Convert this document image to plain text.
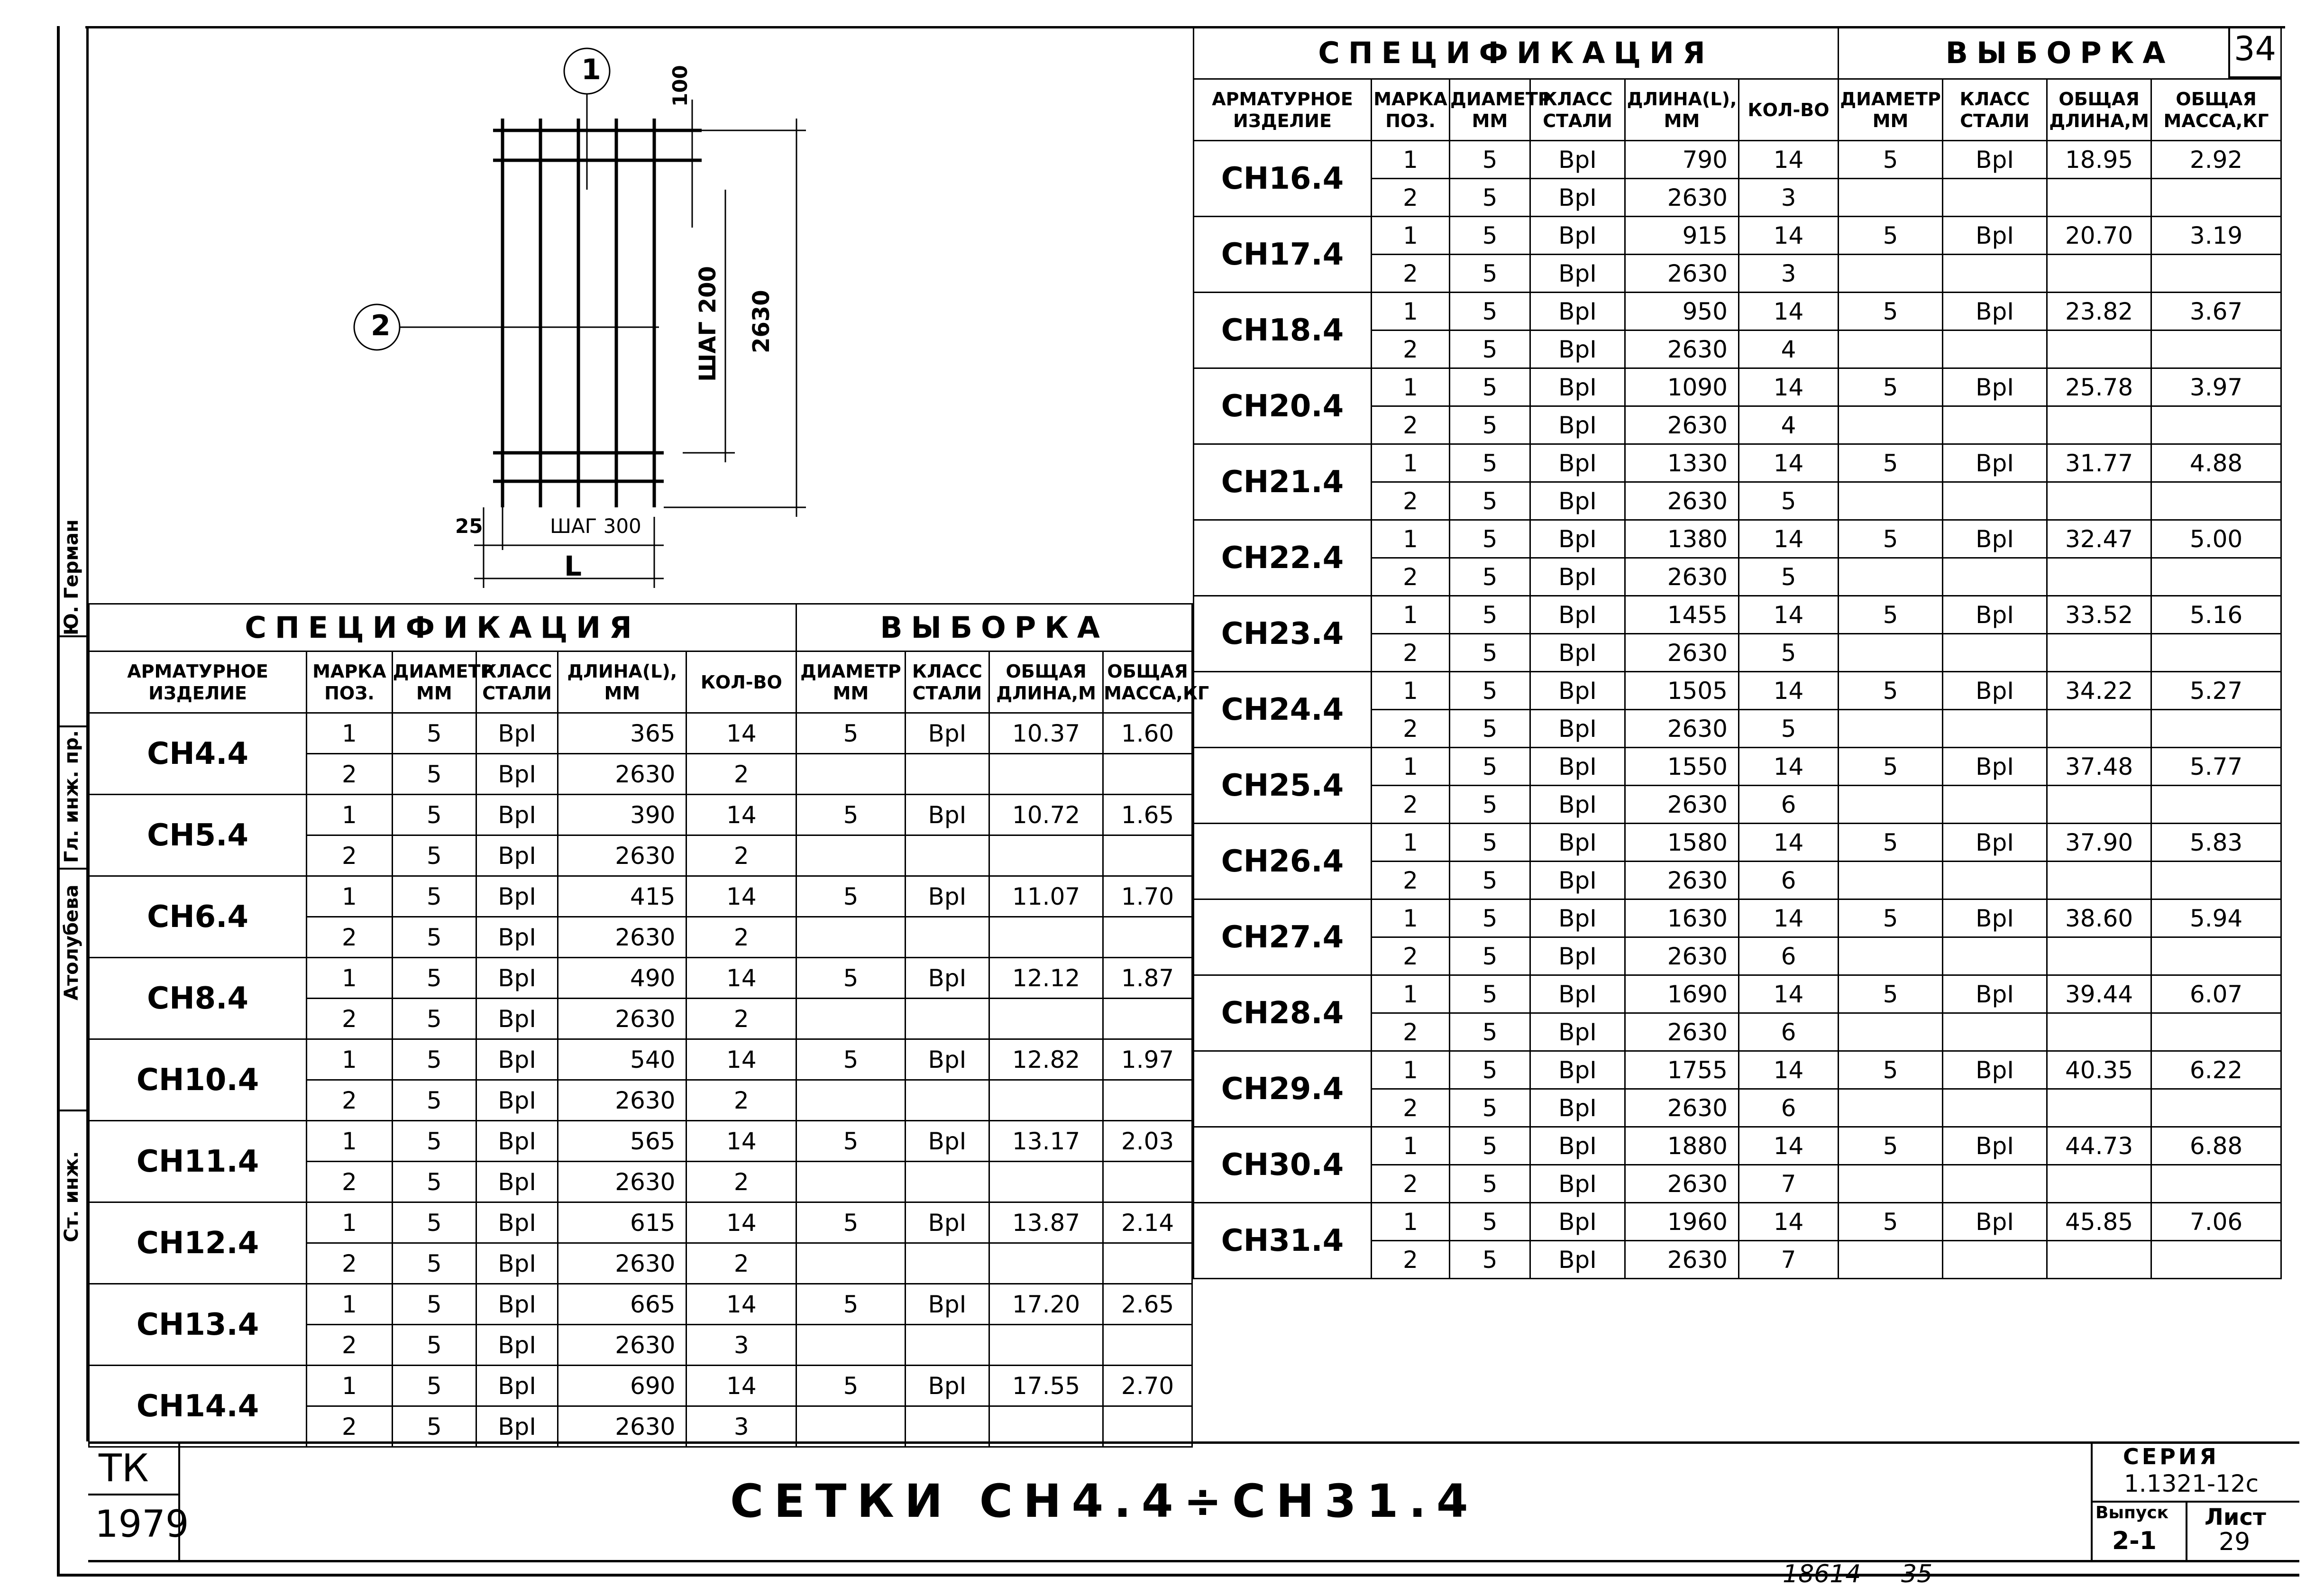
34
Ст. инж.
Гл. инж. пр.
Атолубева
Ю. Герман
1
2
100
ШАГ 200 2630
25	ШАГ 300
L
СПЕЦИФИКАЦИЯ						ВЫБОРКА			
АРМАТУРНОЕ ИЗДЕЛИЕ	МАРКА ПОЗ.	ДИАМЕТР ММ	КЛАСС СТАЛИ	ДЛИНА(L), ММ	КОЛ-ВО	ДИАМЕТР ММ	КЛАСС СТАЛИ	ОБЩАЯ ДЛИНА,М	ОБЩАЯ МАССА,КГ
СН4.4	1	5	ВрI	365	14	5	ВрI	10.37	1.60
	2	5	ВрI	2630	2				
СН5.4	1	5	ВрI	390	14	5	ВрI	10.72	1.65
	2	5	ВрI	2630	2				
СН6.4	1	5	ВрI	415	14	5	ВрI	11.07	1.70
	2	5	ВрI	2630	2				
СН8.4	1	5	ВрI	490	14	5	ВрI	12.12	1.87
	2	5	ВрI	2630	2				
СН10.4	1	5	ВрI	540	14	5	ВрI	12.82	1.97
	2	5	ВрI	2630	2				
СН11.4	1	5	ВрI	565	14	5	ВрI	13.17	2.03
	2	5	ВрI	2630	2				
СН12.4	1	5	ВрI	615	14	5	ВрI	13.87	2.14
	2	5	ВрI	2630	2				
СН13.4	1	5	ВрI	665	14	5	ВрI	17.20	2.65
	2	5	ВрI	2630	3				
СН14.4	1	5	ВрI	690	14	5	ВрI	17.55	2.70
	2	5	ВрI	2630	3				
СПЕЦИФИКАЦИЯ						ВЫБОРКА			
АРМАТУРНОЕ ИЗДЕЛИЕ	МАРКА ПОЗ.	ДИАМЕТР ММ	КЛАСС СТАЛИ	ДЛИНА(L), ММ	КОЛ-ВО	ДИАМЕТР ММ	КЛАСС СТАЛИ	ОБЩАЯ ДЛИНА,М	ОБЩАЯ МАССА,КГ
СН16.4	1	5	ВрI	790	14	5	ВрI	18.95	2.92
	2	5	ВрI	2630	3				
СН17.4	1	5	ВрI	915	14	5	ВрI	20.70	3.19
	2	5	ВрI	2630	3				
СН18.4	1	5	ВрI	950	14	5	ВрI	23.82	3.67
	2	5	ВрI	2630	4				
СН20.4	1	5	ВрI	1090	14	5	ВрI	25.78	3.97
	2	5	ВрI	2630	4				
СН21.4	1	5	ВрI	1330	14	5	ВрI	31.77	4.88
	2	5	ВрI	2630	5				
СН22.4	1	5	ВрI	1380	14	5	ВрI	32.47	5.00
	2	5	ВрI	2630	5				
СН23.4	1	5	ВрI	1455	14	5	ВрI	33.52	5.16
	2	5	ВрI	2630	5				
СН24.4	1	5	ВрI	1505	14	5	ВрI	34.22	5.27
	2	5	ВрI	2630	5				
СН25.4	1	5	ВрI	1550	14	5	ВрI	37.48	5.77
	2	5	ВрI	2630	6				
СН26.4	1	5	ВрI	1580	14	5	ВрI	37.90	5.83
	2	5	ВрI	2630	6				
СН27.4	1	5	ВрI	1630	14	5	ВрI	38.60	5.94
	2	5	ВрI	2630	6				
СН28.4	1	5	ВрI	1690	14	5	ВрI	39.44	6.07
	2	5	ВрI	2630	6				
СН29.4	1	5	ВрI	1755	14	5	ВрI	40.35	6.22
	2	5	ВрI	2630	6				
СН30.4	1	5	ВрI	1880	14	5	ВрI	44.73	6.88
	2	5	ВрI	2630	7				
СН31.4	1	5	ВрI	1960	14	5	ВрI	45.85	7.06
	2	5	ВрI	2630	7				
ТК
1979	СЕТКИ СН4.4÷СН31.4
СЕРИЯ
1.1321-12с
Выпуск
2-1
Лист
29
18614 35
